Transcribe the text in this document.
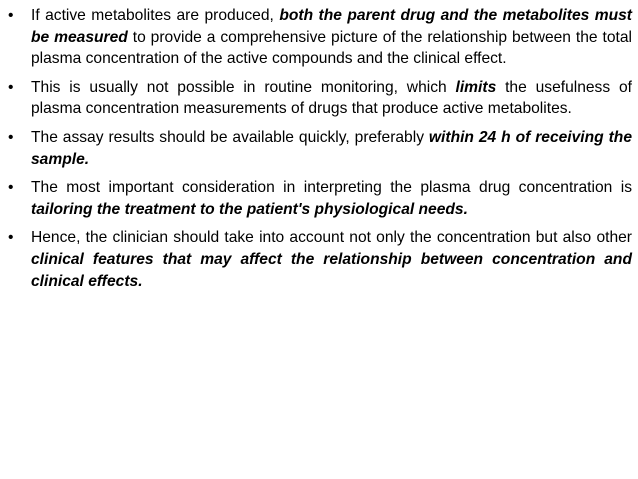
• If active metabolites are produced, both the parent drug and the metabolites must be measured to provide a comprehensive picture of the relationship between the total plasma concentration of the active compounds and the clinical effect.
• This is usually not possible in routine monitoring, which limits the usefulness of plasma concentration measurements of drugs that produce active metabolites.
• The assay results should be available quickly, preferably within 24 h of receiving the sample.
• The most important consideration in interpreting the plasma drug concentration is tailoring the treatment to the patient's physiological needs.
• Hence, the clinician should take into account not only the concentration but also other clinical features that may affect the relationship between concentration and clinical effects.
